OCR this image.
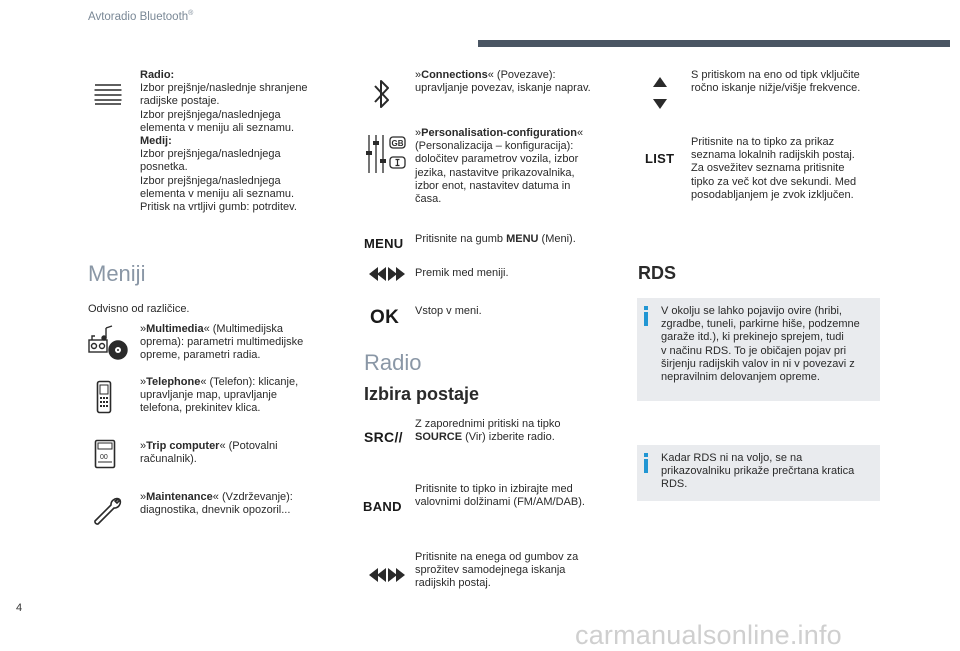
Avtoradio Bluetooth®
Radio:
Izbor prejšnje/naslednje shranjene
radijske postaje.
Izbor prejšnjega/naslednjega
elementa v meniju ali seznamu.
Medij:
Izbor prejšnjega/naslednjega
posnetka.
Izbor prejšnjega/naslednjega
elementa v meniju ali seznamu.
Pritisk na vrtljivi gumb: potrditev.
Meniji
Odvisno od različice.
»Multimedia« (Multimedijska
oprema): parametri multimedijske
opreme, parametri radia.
»Telephone« (Telefon): klicanje,
upravljanje map, upravljanje
telefona, prekinitev klica.
00
»Trip computer« (Potovalni
računalnik).
»Maintenance« (Vzdrževanje):
diagnostika, dnevnik opozoril...
»Connections« (Povezave):
upravljanje povezav, iskanje naprav.
GB
»Personalisation-configuration«
(Personalizacija – konfiguracija):
določitev parametrov vozila, izbor
jezika, nastavitve prikazovalnika,
izbor enot, nastavitev datuma in
časa.
MENU Pritisnite na gumb MENU (Meni).
Premik med meniji.
OK Vstop v meni.
Radio
Izbira postaje
SRC//
Z zaporednimi pritiski na tipko
SOURCE (Vir) izberite radio.
BAND
Pritisnite to tipko in izbirajte med
valovnimi dolžinami (FM/AM/DAB).
Pritisnite na enega od gumbov za
sprožitev samodejnega iskanja
radijskih postaj.
S pritiskom na eno od tipk vključite
ročno iskanje nižje/višje frekvence.
LIST
Pritisnite na to tipko za prikaz
seznama lokalnih radijskih postaj.
Za osvežitev seznama pritisnite
tipko za več kot dve sekundi. Med
posodabljanjem je zvok izključen.
RDS
V okolju se lahko pojavijo ovire (hribi,
zgradbe, tuneli, parkirne hiše, podzemne
garaže itd.), ki prekinejo sprejem, tudi
v načinu RDS. To je običajen pojav pri
širjenju radijskih valov in ni v povezavi z
nepravilnim delovanjem opreme.
Kadar RDS ni na voljo, se na
prikazovalniku prikaže prečrtana kratica
RDS.
4
carmanualsonline.info
